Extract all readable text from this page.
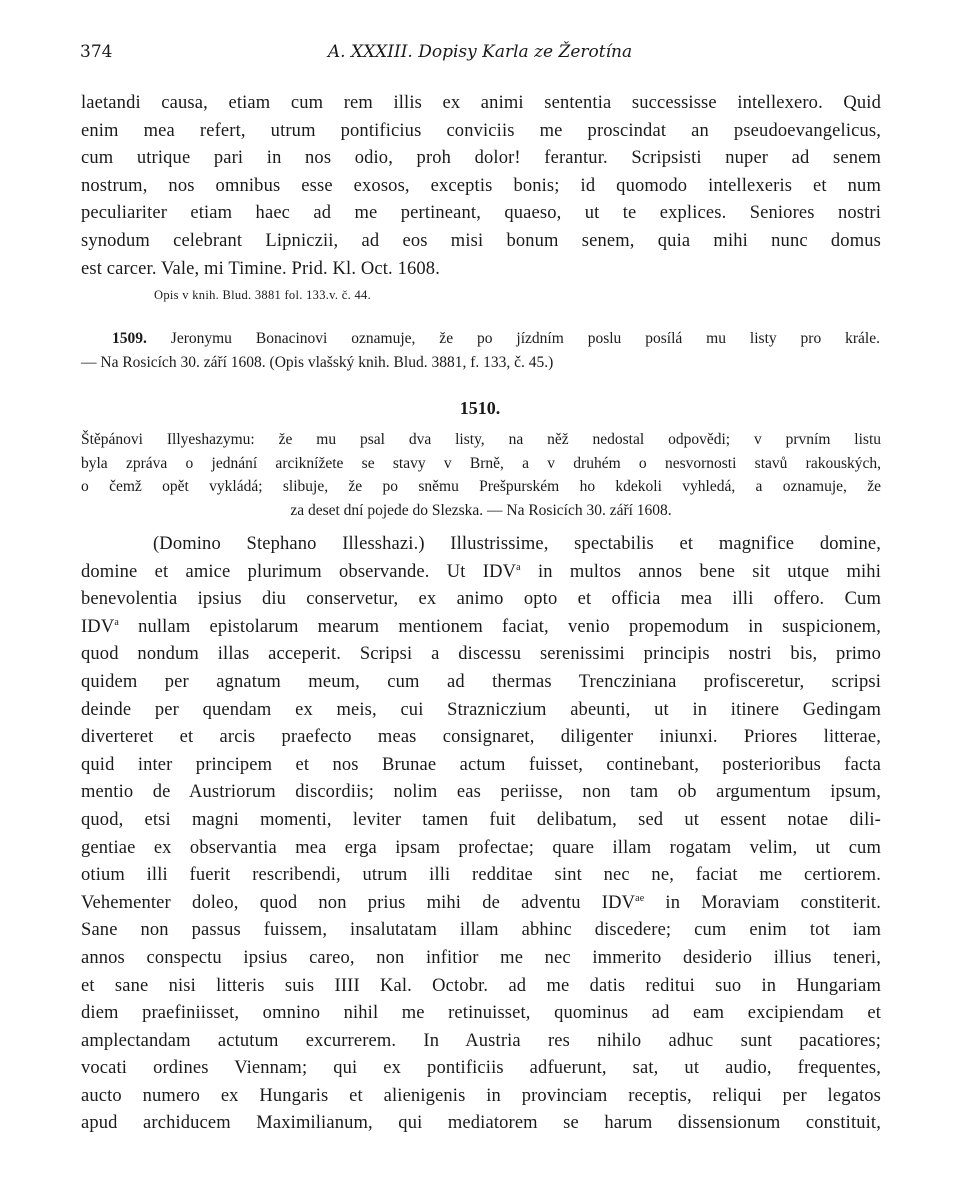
374	A. XXXIII. Dopisy Karla ze Žerotína
laetandi causa, etiam cum rem illis ex animi sententia successisse intellexero. Quid
enim mea refert, utrum pontificius conviciis me proscindat an pseudoevangelicus,
cum utrique pari in nos odio, proh dolor! ferantur. Scripsisti nuper ad senem
nostrum, nos omnibus esse exosos, exceptis bonis; id quomodo intellexeris et num
peculiariter etiam haec ad me pertineant, quaeso, ut te explices. Seniores nostri
synodum celebrant Lipniczii, ad eos misi bonum senem, quia mihi nunc domus
est carcer. Vale, mi Timine. Prid. Kl. Oct. 1608.
Opis v knih. Blud. 3881 fol. 133.v. č. 44.
1509. Jeronymu Bonacinovi oznamuje, že po jízdním poslu posílá mu listy pro krále.
— Na Rosicích 30. září 1608. (Opis vlašský knih. Blud. 3881, f. 133, č. 45.)
1510.
Štěpánovi Illyeshazymu: že mu psal dva listy, na něž nedostal odpovědi; v prvním listu
byla zpráva o jednání arciknížete se stavy v Brně, a v druhém o nesvornosti stavů rakouských,
o čemž opět vykládá; slibuje, že po sněmu Prešpurském ho kdekoli vyhledá, a oznamuje, že
za deset dní pojede do Slezska. — Na Rosicích 30. září 1608.
(Domino Stephano Illesshazi.) Illustrissime, spectabilis et magnifice domine,
domine et amice plurimum observande. Ut IDV$^a$ in multos annos bene sit utque mihi
benevolentia ipsius diu conservetur, ex animo opto et officia mea illi offero. Cum
IDV$^a$ nullam epistolarum mearum mentionem faciat, venio propemodum in suspicionem,
quod nondum illas acceperit. Scripsi a discessu serenissimi principis nostri bis, primo
quidem per agnatum meum, cum ad thermas Trencziniana profisceretur, scripsi
deinde per quendam ex meis, cui Strazniczium abeunti, ut in itinere Gedingam
diverteret et arcis praefecto meas consignaret, diligenter iniunxi. Priores litterae,
quid inter principem et nos Brunae actum fuisset, continebant, posterioribus facta
mentio de Austriorum discordiis; nolim eas periisse, non tam ob argumentum ipsum,
quod, etsi magni momenti, leviter tamen fuit delibatum, sed ut essent notae dili-
gentiae ex observantia mea erga ipsam profectae; quare illam rogatam velim, ut cum
otium illi fuerit rescribendi, utrum illi redditae sint nec ne, faciat me certiorem.
Vehementer doleo, quod non prius mihi de adventu $IDV^{ae}$ in Moraviam constiterit.
Sane non passus fuissem, insalutatam illam abhinc discedere; cum enim tot iam
annos conspectu ipsius careo, non infitior me nec immerito desiderio illius teneri,
et sane nisi litteris suis IIII Kal. Octobr. ad me datis reditui suo in Hungariam
diem praefiniisset, omnino nihil me retinuisset, quominus ad eam excipiendam et
amplectandam actutum excurrerem. In Austria res nihilo adhuc sunt pacatiores;
vocati ordines Viennam; qui ex pontificiis adfuerunt, sat, ut audio, frequentes,
aucto numero ex Hungaris et alienigenis in provinciam receptis, reliqui per legatos
apud archiducem Maximilianum, qui mediatorem se harum dissensionum constituit,
